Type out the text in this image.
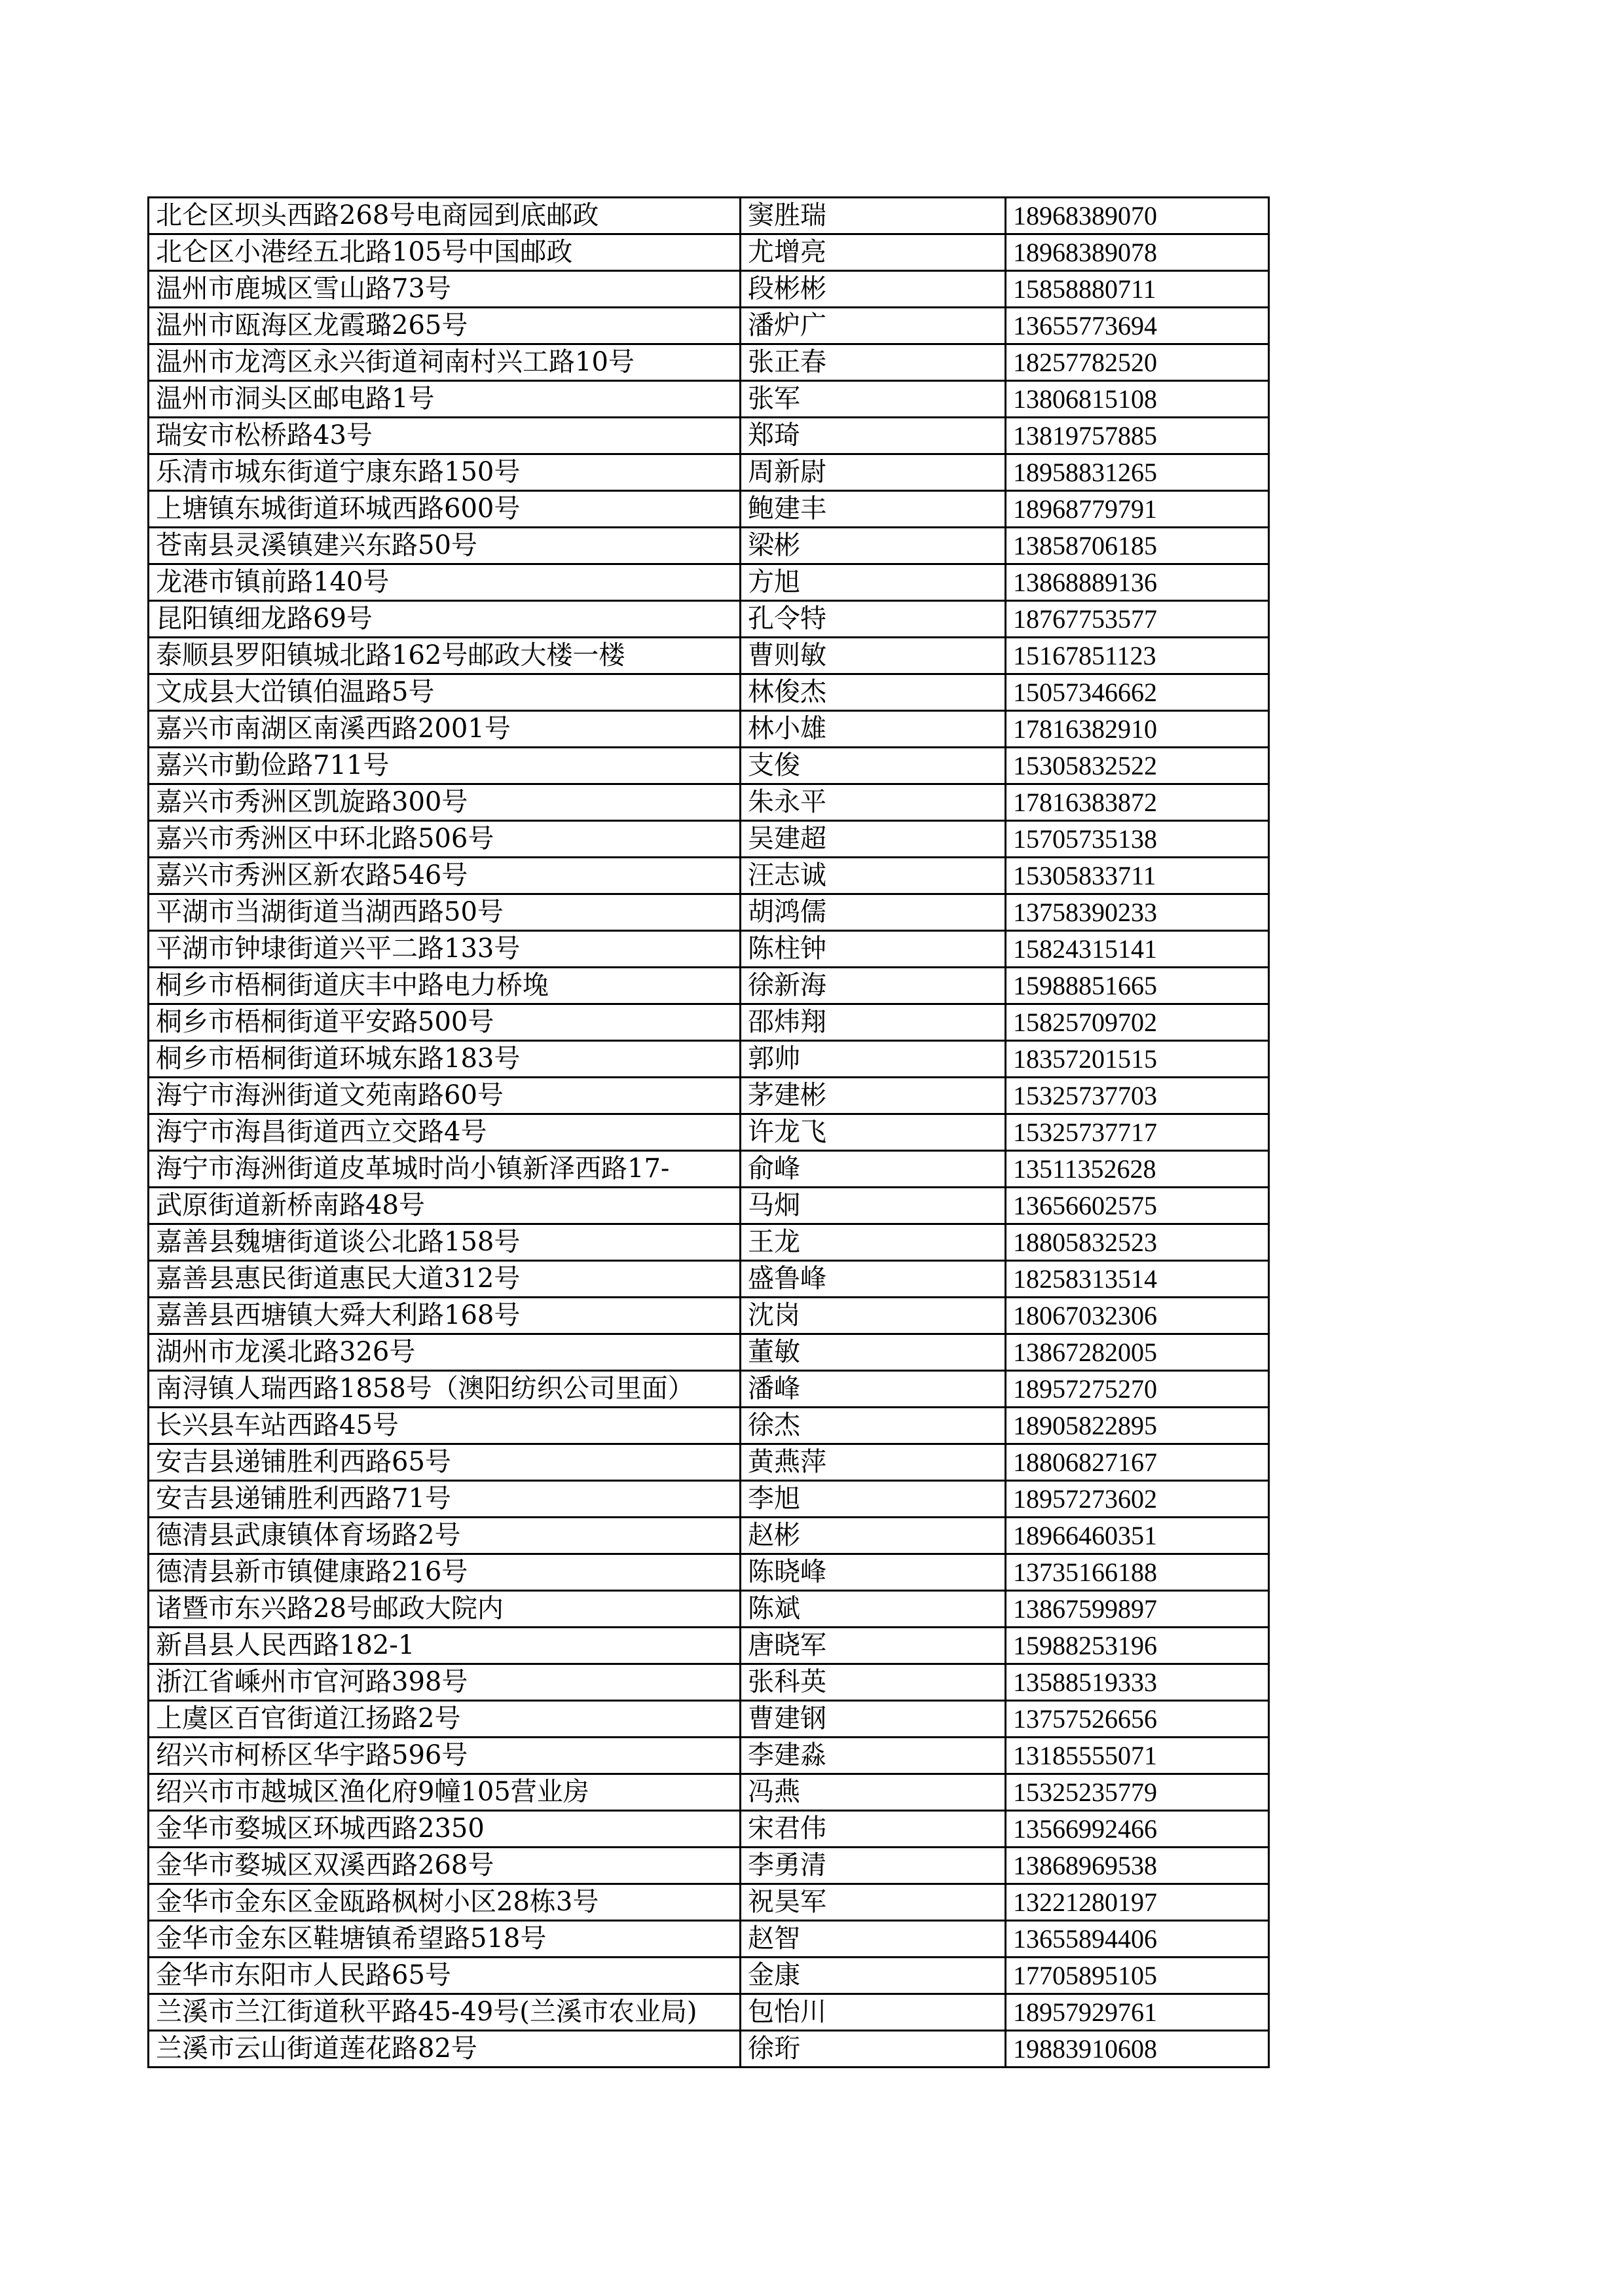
北仑区坝头西路268号电商园到底邮政	窦胜瑞	18968389070
北仑区小港经五北路105号中国邮政	尤增亮	18968389078
温州市鹿城区雪山路73号	段彬彬	15858880711
温州市瓯海区龙霞璐265号	潘炉广	13655773694
温州市龙湾区永兴街道祠南村兴工路10号	张正春	18257782520
温州市洞头区邮电路1号	张军	13806815108
瑞安市松桥路43号	郑琦	13819757885
乐清市城东街道宁康东路150号	周新尉	18958831265
上塘镇东城街道环城西路600号	鲍建丰	18968779791
苍南县灵溪镇建兴东路50号	梁彬	13858706185
龙港市镇前路140号	方旭	13868889136
昆阳镇细龙路69号	孔令特	18767753577
泰顺县罗阳镇城北路162号邮政大楼一楼	曹则敏	15167851123
文成县大峃镇伯温路5号	林俊杰	15057346662
嘉兴市南湖区南溪西路2001号	林小雄	17816382910
嘉兴市勤俭路711号	支俊	15305832522
嘉兴市秀洲区凯旋路300号	朱永平	17816383872
嘉兴市秀洲区中环北路506号	吴建超	15705735138
嘉兴市秀洲区新农路546号	汪志诚	15305833711
平湖市当湖街道当湖西路50号	胡鸿儒	13758390233
平湖市钟埭街道兴平二路133号	陈柱钟	15824315141
桐乡市梧桐街道庆丰中路电力桥堍	徐新海	15988851665
桐乡市梧桐街道平安路500号	邵炜翔	15825709702
桐乡市梧桐街道环城东路183号	郭帅	18357201515
海宁市海洲街道文苑南路60号	茅建彬	15325737703
海宁市海昌街道西立交路4号	许龙飞	15325737717
海宁市海洲街道皮革城时尚小镇新泽西路17-	俞峰	13511352628
武原街道新桥南路48号	马炯	13656602575
嘉善县魏塘街道谈公北路158号	王龙	18805832523
嘉善县惠民街道惠民大道312号	盛鲁峰	18258313514
嘉善县西塘镇大舜大利路168号	沈岗	18067032306
湖州市龙溪北路326号	董敏	13867282005
南浔镇人瑞西路1858号（澳阳纺织公司里面）	潘峰	18957275270
长兴县车站西路45号	徐杰	18905822895
安吉县递铺胜利西路65号	黄燕萍	18806827167
安吉县递铺胜利西路71号	李旭	18957273602
德清县武康镇体育场路2号	赵彬	18966460351
德清县新市镇健康路216号	陈晓峰	13735166188
诸暨市东兴路28号邮政大院内	陈斌	13867599897
新昌县人民西路182-1	唐晓军	15988253196
浙江省嵊州市官河路398号	张科英	13588519333
上虞区百官街道江扬路2号	曹建钢	13757526656
绍兴市柯桥区华宇路596号	李建淼	13185555071
绍兴市市越城区渔化府9幢105营业房	冯燕	15325235779
金华市婺城区环城西路2350	宋君伟	13566992466
金华市婺城区双溪西路268号	李勇清	13868969538
金华市金东区金瓯路枫树小区28栋3号	祝昊军	13221280197
金华市金东区鞋塘镇希望路518号	赵智	13655894406
金华市东阳市人民路65号	金康	17705895105
兰溪市兰江街道秋平路45-49号(兰溪市农业局)	包怡川	18957929761
兰溪市云山街道莲花路82号	徐珩	19883910608
